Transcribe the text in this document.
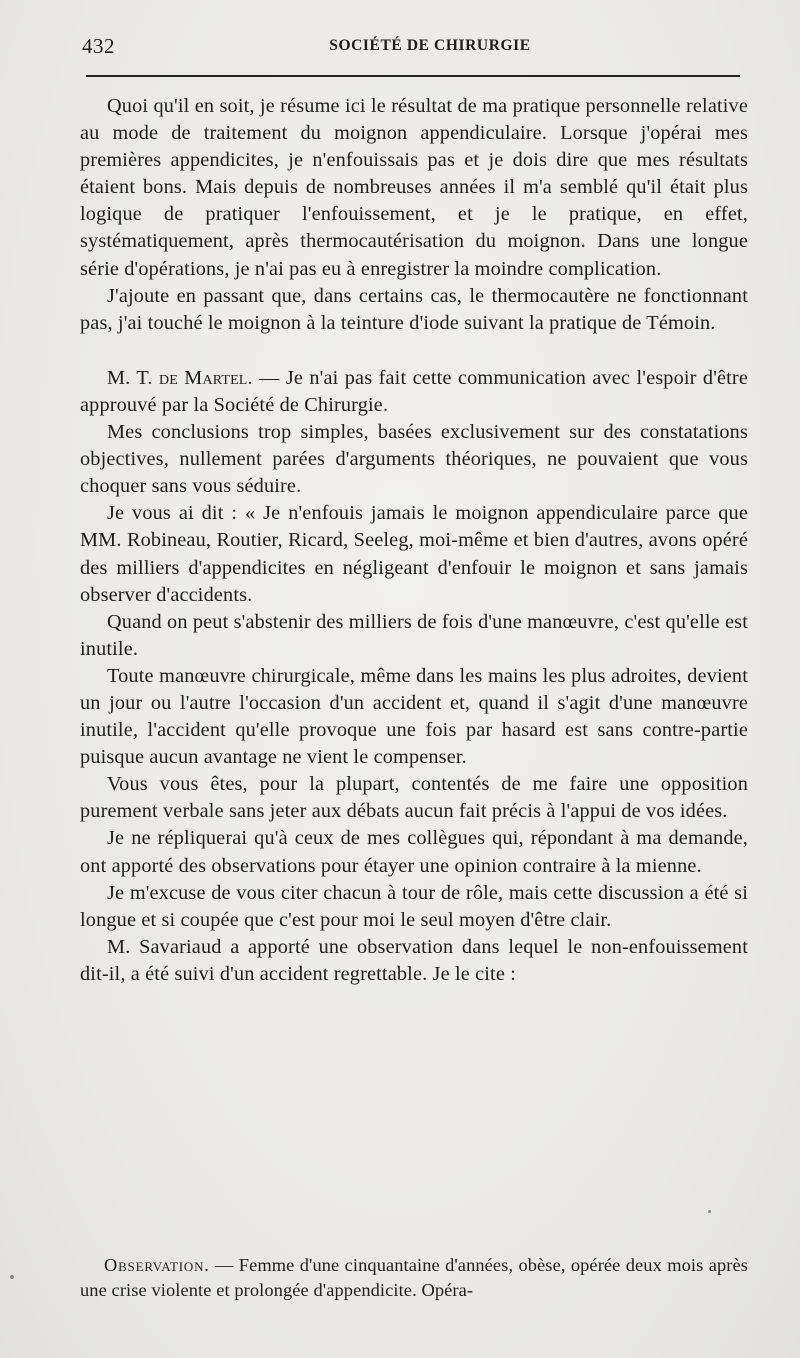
432	SOCIÉTÉ DE CHIRURGIE

Quoi qu'il en soit, je résume ici le résultat de ma pratique personnelle relative au mode de traitement du moignon appendiculaire. Lorsque j'opérai mes premières appendicites, je n'enfouissais pas et je dois dire que mes résultats étaient bons. Mais depuis de nombreuses années il m'a semblé qu'il était plus logique de pratiquer l'enfouissement, et je le pratique, en effet, systématiquement, après thermocautérisation du moignon. Dans une longue série d'opérations, je n'ai pas eu à enregistrer la moindre complication.

J'ajoute en passant que, dans certains cas, le thermocautère ne fonctionnant pas, j'ai touché le moignon à la teinture d'iode suivant la pratique de Témoin.

M. T. de Martel. — Je n'ai pas fait cette communication avec l'espoir d'être approuvé par la Société de Chirurgie.

Mes conclusions trop simples, basées exclusivement sur des constatations objectives, nullement parées d'arguments théoriques, ne pouvaient que vous choquer sans vous séduire.

Je vous ai dit : « Je n'enfouis jamais le moignon appendiculaire parce que MM. Robineau, Routier, Ricard, Seeleg, moi-même et bien d'autres, avons opéré des milliers d'appendicites en négligeant d'enfouir le moignon et sans jamais observer d'accidents.

Quand on peut s'abstenir des milliers de fois d'une manœuvre, c'est qu'elle est inutile.

Toute manœuvre chirurgicale, même dans les mains les plus adroites, devient un jour ou l'autre l'occasion d'un accident et, quand il s'agit d'une manœuvre inutile, l'accident qu'elle provoque une fois par hasard est sans contre-partie puisque aucun avantage ne vient le compenser.

Vous vous êtes, pour la plupart, contentés de me faire une opposition purement verbale sans jeter aux débats aucun fait précis à l'appui de vos idées.

Je ne répliquerai qu'à ceux de mes collègues qui, répondant à ma demande, ont apporté des observations pour étayer une opinion contraire à la mienne.

Je m'excuse de vous citer chacun à tour de rôle, mais cette discussion a été si longue et si coupée que c'est pour moi le seul moyen d'être clair.

M. Savariaud a apporté une observation dans lequel le non-enfouissement dit-il, a été suivi d'un accident regrettable. Je le cite :

Observation. — Femme d'une cinquantaine d'années, obèse, opérée deux mois après une crise violente et prolongée d'appendicite. Opéra-
